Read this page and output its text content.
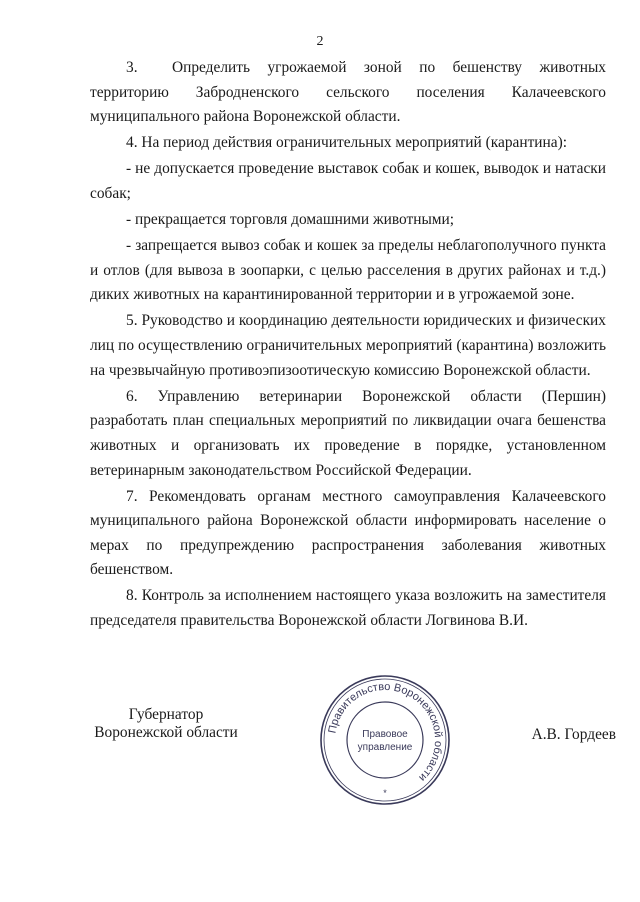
2

3. Определить угрожаемой зоной по бешенству животных территорию Забродненского сельского поселения Калачеевского муниципального района Воронежской области.

4. На период действия ограничительных мероприятий (карантина):

- не допускается проведение выставок собак и кошек, выводок и натаски собак;

- прекращается торговля домашними животными;

- запрещается вывоз собак и кошек за пределы неблагополучного пункта и отлов (для вывоза в зоопарки, с целью расселения в других районах и т.д.) диких животных на карантинированной территории и в угрожаемой зоне.

5. Руководство и координацию деятельности юридических и физических лиц по осуществлению ограничительных мероприятий (карантина) возложить на чрезвычайную противоэпизоотическую комиссию Воронежской области.

6. Управлению ветеринарии Воронежской области (Першин) разработать план специальных мероприятий по ликвидации очага бешенства животных и организовать их проведение в порядке, установленном ветеринарным законодательством Российской Федерации.

7. Рекомендовать органам местного самоуправления Калачеевского муниципального района Воронежской области информировать население о мерах по предупреждению распространения заболевания животных бешенством.

8. Контроль за исполнением настоящего указа возложить на заместителя председателя правительства Воронежской области Логвинова В.И.

Губернатор
Воронежской области	А.В. Гордеев
Правительство Воронежской области
Правовое
управление
*
